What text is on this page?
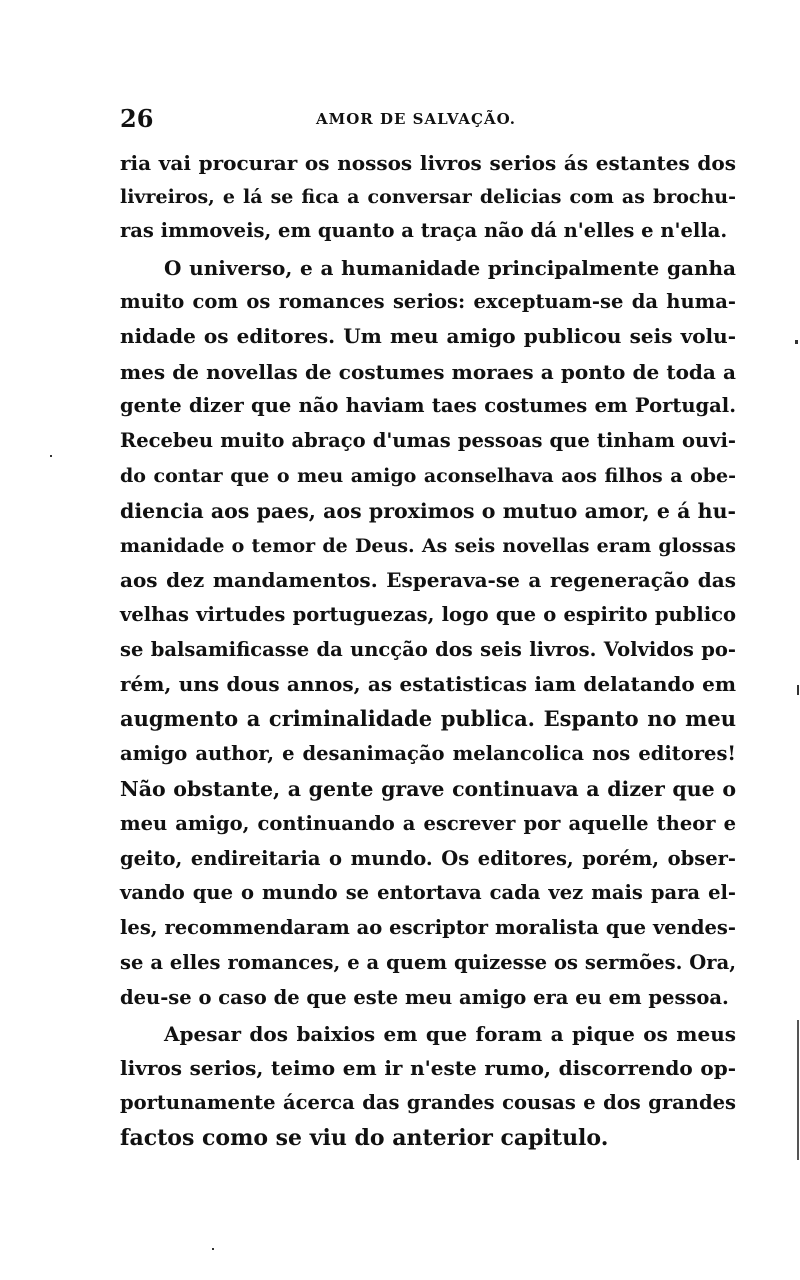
26	AMOR DE SALVAÇÃO.
ria vai procurar os nossos livros serios ás estantes dos
livreiros, e lá se fica a conversar delicias com as brochu-
ras immoveis, em quanto a traça não dá n'elles e n'ella.
O universo, e a humanidade principalmente ganha
muito com os romances serios: exceptuam-se da huma-
nidade os editores. Um meu amigo publicou seis volu-
mes de novellas de costumes moraes a ponto de toda a
gente dizer que não haviam taes costumes em Portugal.
Recebeu muito abraço d'umas pessoas que tinham ouvi-
do contar que o meu amigo aconselhava aos filhos a obe-
diencia aos paes, aos proximos o mutuo amor, e á hu-
manidade o temor de Deus. As seis novellas eram glossas
aos dez mandamentos. Esperava-se a regeneração das
velhas virtudes portuguezas, logo que o espirito publico
se balsamificasse da uncção dos seis livros. Volvidos po-
rém, uns dous annos, as estatisticas iam delatando em
augmento a criminalidade publica. Espanto no meu
amigo author, e desanimação melancolica nos editores!
Não obstante, a gente grave continuava a dizer que o
meu amigo, continuando a escrever por aquelle theor e
geito, endireitaria o mundo. Os editores, porém, obser-
vando que o mundo se entortava cada vez mais para el-
les, recommendaram ao escriptor moralista que vendes-
se a elles romances, e a quem quizesse os sermões. Ora,
deu-se o caso de que este meu amigo era eu em pessoa.
Apesar dos baixios em que foram a pique os meus
livros serios, teimo em ir n'este rumo, discorrendo op-
portunamente ácerca das grandes cousas e dos grandes
factos como se viu do anterior capitulo.
